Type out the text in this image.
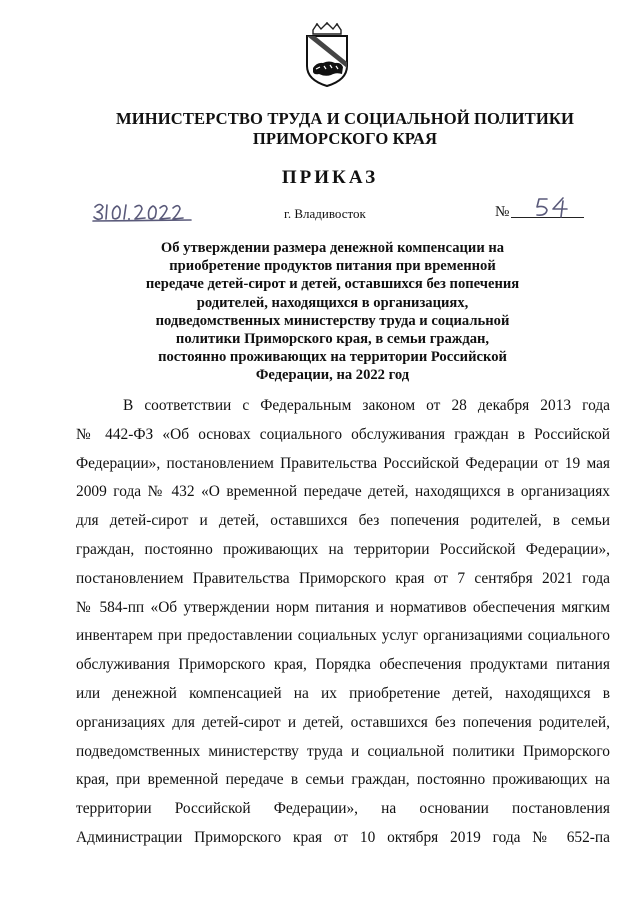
МИНИСТЕРСТВО ТРУДА И СОЦИАЛЬНОЙ ПОЛИТИКИ
ПРИМОРСКОГО КРАЯ
ПРИКАЗ
г. Владивосток	№
Об утверждении размера денежной компенсации на
приобретение продуктов питания при временной
передаче детей-сирот и детей, оставшихся без попечения
родителей, находящихся в организациях,
подведомственных министерству труда и социальной
политики Приморского края, в семьи граждан,
постоянно проживающих на территории Российской
Федерации, на 2022 год
В соответствии с Федеральным законом от 28 декабря 2013 года
№ 442-ФЗ «Об основах социального обслуживания граждан в Российской
Федерации», постановлением Правительства Российской Федерации от 19 мая
2009 года № 432 «О временной передаче детей, находящихся в организациях
для детей-сирот и детей, оставшихся без попечения родителей, в семьи
граждан, постоянно проживающих на территории Российской Федерации»,
постановлением Правительства Приморского края от 7 сентября 2021 года
№ 584-пп «Об утверждении норм питания и нормативов обеспечения мягким
инвентарем при предоставлении социальных услуг организациями социального
обслуживания Приморского края, Порядка обеспечения продуктами питания
или денежной компенсацией на их приобретение детей, находящихся в
организациях для детей-сирот и детей, оставшихся без попечения родителей,
подведомственных министерству труда и социальной политики Приморского
края, при временной передаче в семьи граждан, постоянно проживающих на
территории Российской Федерации», на основании постановления
Администрации Приморского края от 10 октября 2019 года № 652-па
